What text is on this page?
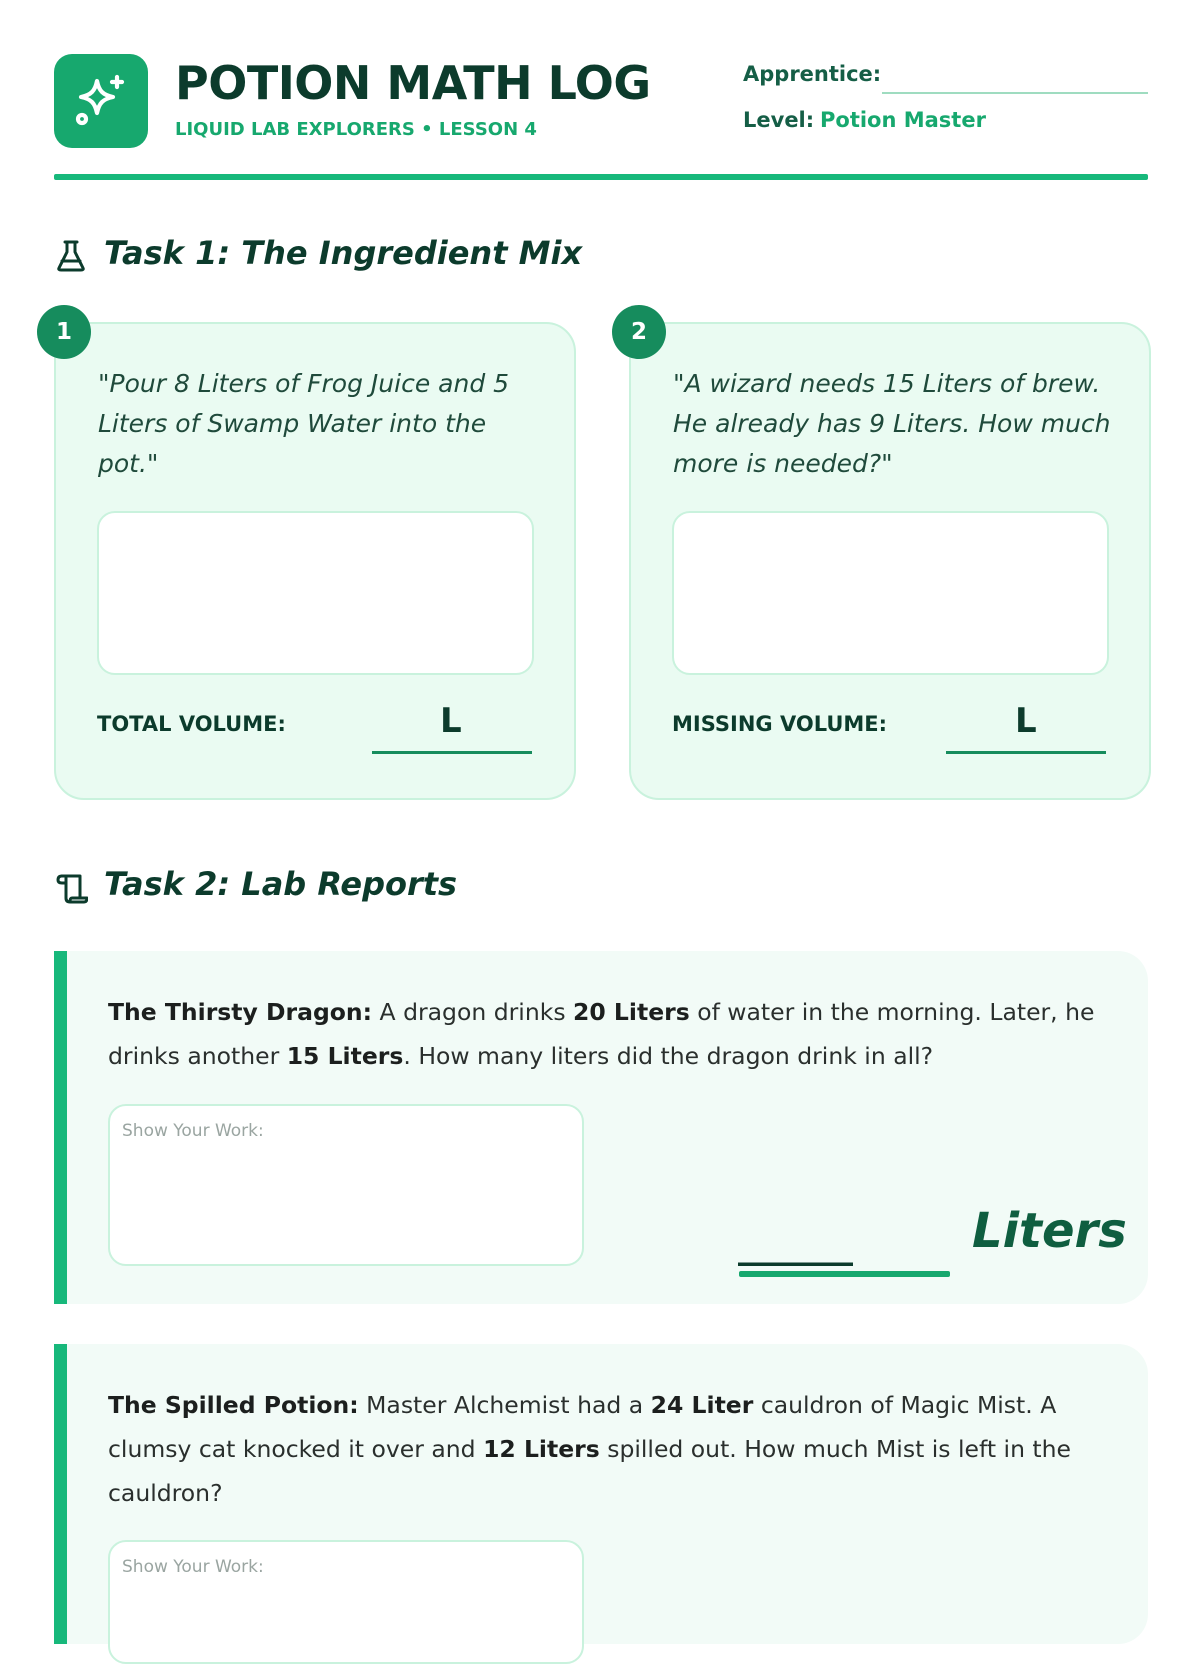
POTION MATH LOG
LIQUID LAB EXPLORERS • LESSON 4
Apprentice:
Level: Potion Master
Task 1: The Ingredient Mix
1
"Pour 8 Liters of Frog Juice and 5 Liters of Swamp Water into the pot."
TOTAL VOLUME:	L
2
"A wizard needs 15 Liters of brew. He already has 9 Liters. How much more is needed?"
MISSING VOLUME:	L
Task 2: Lab Reports
The Thirsty Dragon: A dragon drinks 20 Liters of water in the morning. Later, he drinks another 15 Liters. How many liters did the dragon drink in all?
Show Your Work:
_______	Liters
The Spilled Potion: Master Alchemist had a 24 Liter cauldron of Magic Mist. A clumsy cat knocked it over and 12 Liters spilled out. How much Mist is left in the cauldron?
Show Your Work:
